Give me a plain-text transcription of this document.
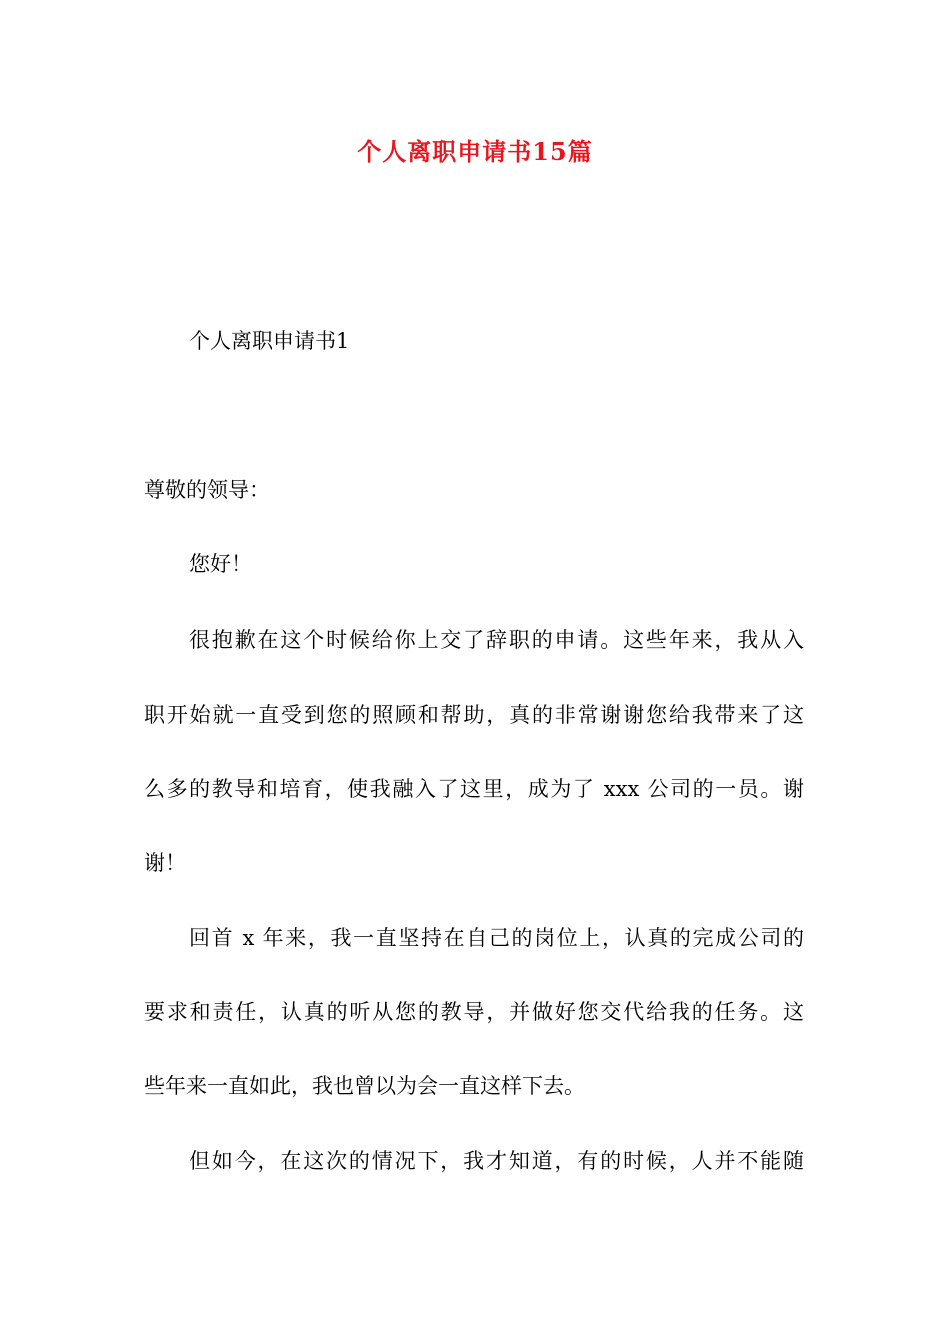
个人离职申请书15篇
个人离职申请书1
尊敬的领导：
您好！
很抱歉在这个时候给你上交了辞职的申请。这些年来，我从入
职开始就一直受到您的照顾和帮助，真的非常谢谢您给我带来了这
么多的教导和培育，使我融入了这里，成为了 xxx 公司的一员。谢
谢！
回首 x 年来，我一直坚持在自己的岗位上，认真的完成公司的
要求和责任，认真的听从您的教导，并做好您交代给我的任务。这
些年来一直如此，我也曾以为会一直这样下去。
但如今，在这次的情况下，我才知道，有的时候，人并不能随
